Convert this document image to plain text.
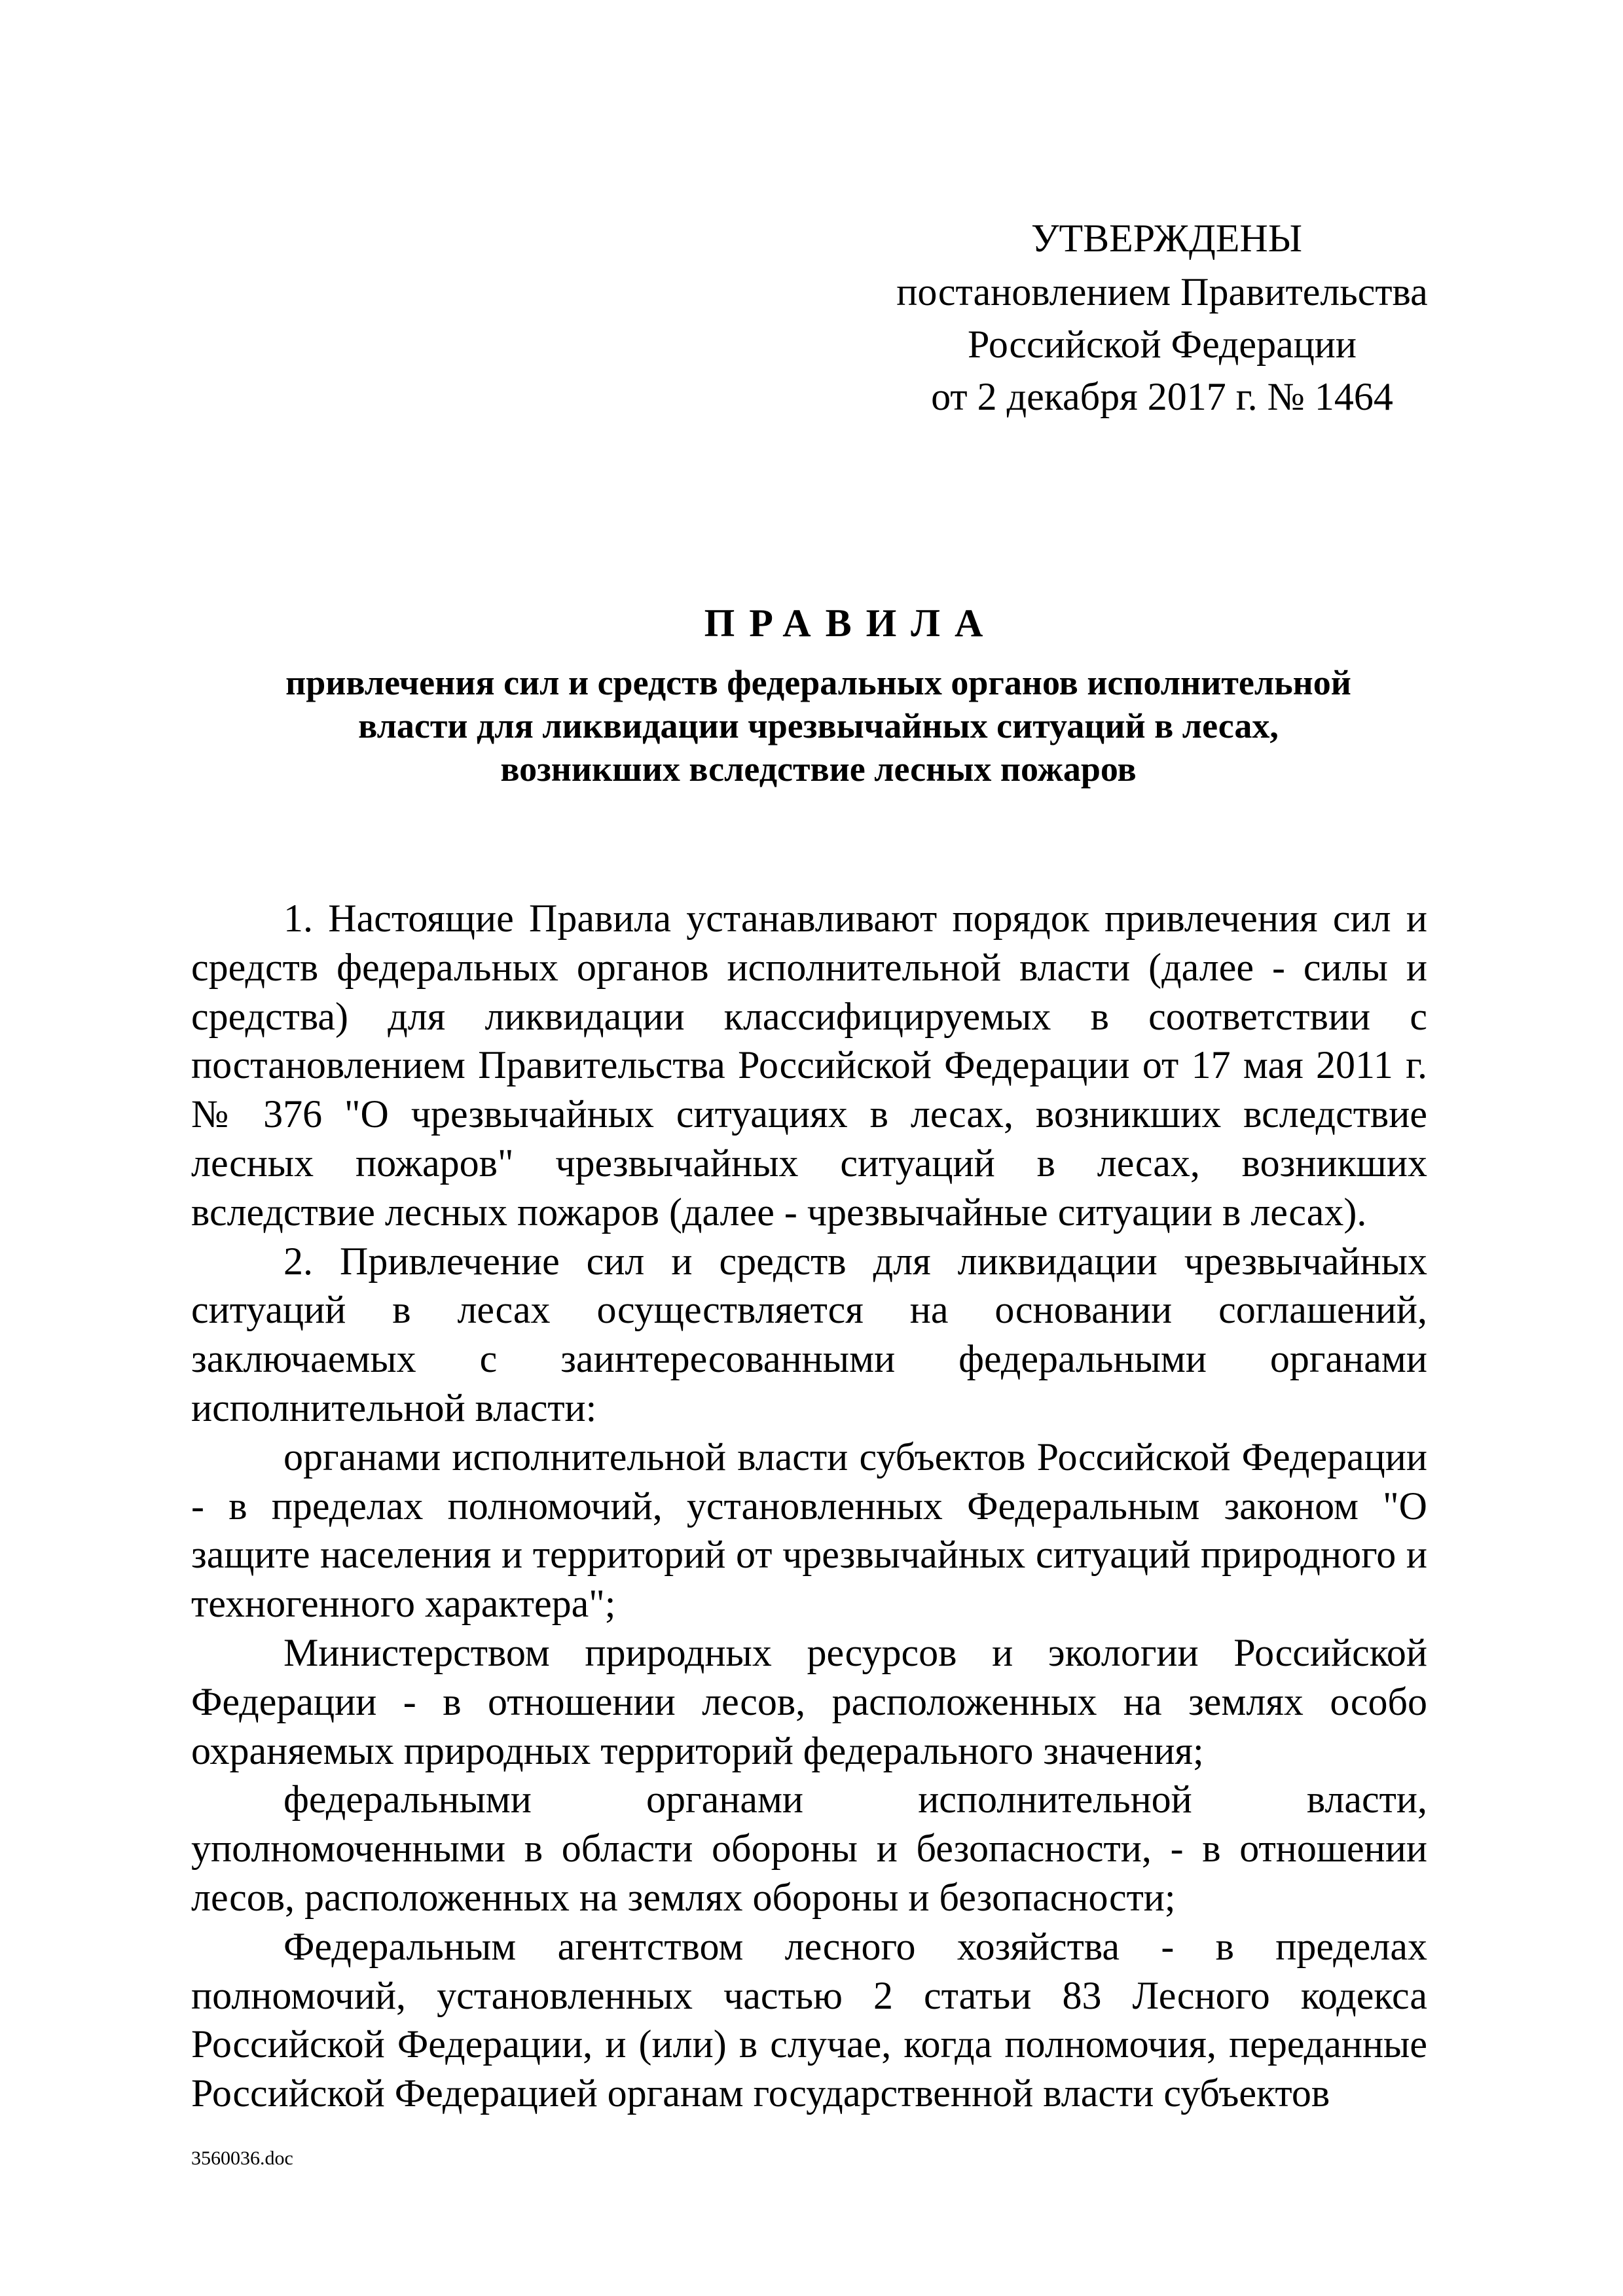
УТВЕРЖДЕНЫ
постановлением Правительства
Российской Федерации
от 2 декабря 2017 г. № 1464
ПРАВИЛА
привлечения сил и средств федеральных органов исполнительной
власти для ликвидации чрезвычайных ситуаций в лесах,
возникших вследствие лесных пожаров

1. Настоящие Правила устанавливают порядок привлечения сил и средств федеральных органов исполнительной власти (далее - силы и средства) для ликвидации классифицируемых в соответствии с постановлением Правительства Российской Федерации от 17 мая 2011 г. № 376 "О чрезвычайных ситуациях в лесах, возникших вследствие лесных пожаров" чрезвычайных ситуаций в лесах, возникших вследствие лесных пожаров (далее - чрезвычайные ситуации в лесах).

2. Привлечение сил и средств для ликвидации чрезвычайных ситуаций в лесах осуществляется на основании соглашений, заключаемых с заинтересованными федеральными органами исполнительной власти:

органами исполнительной власти субъектов Российской Федерации - в пределах полномочий, установленных Федеральным законом "О защите населения и территорий от чрезвычайных ситуаций природного и техногенного характера";

Министерством природных ресурсов и экологии Российской Федерации - в отношении лесов, расположенных на землях особо охраняемых природных территорий федерального значения;

федеральными органами исполнительной власти, уполномоченными в области обороны и безопасности, - в отношении лесов, расположенных на землях обороны и безопасности;

Федеральным агентством лесного хозяйства - в пределах полномочий, установленных частью 2 статьи 83 Лесного кодекса Российской Федерации, и (или) в случае, когда полномочия, переданные Российской Федерацией органам государственной власти субъектов

3560036.doc
